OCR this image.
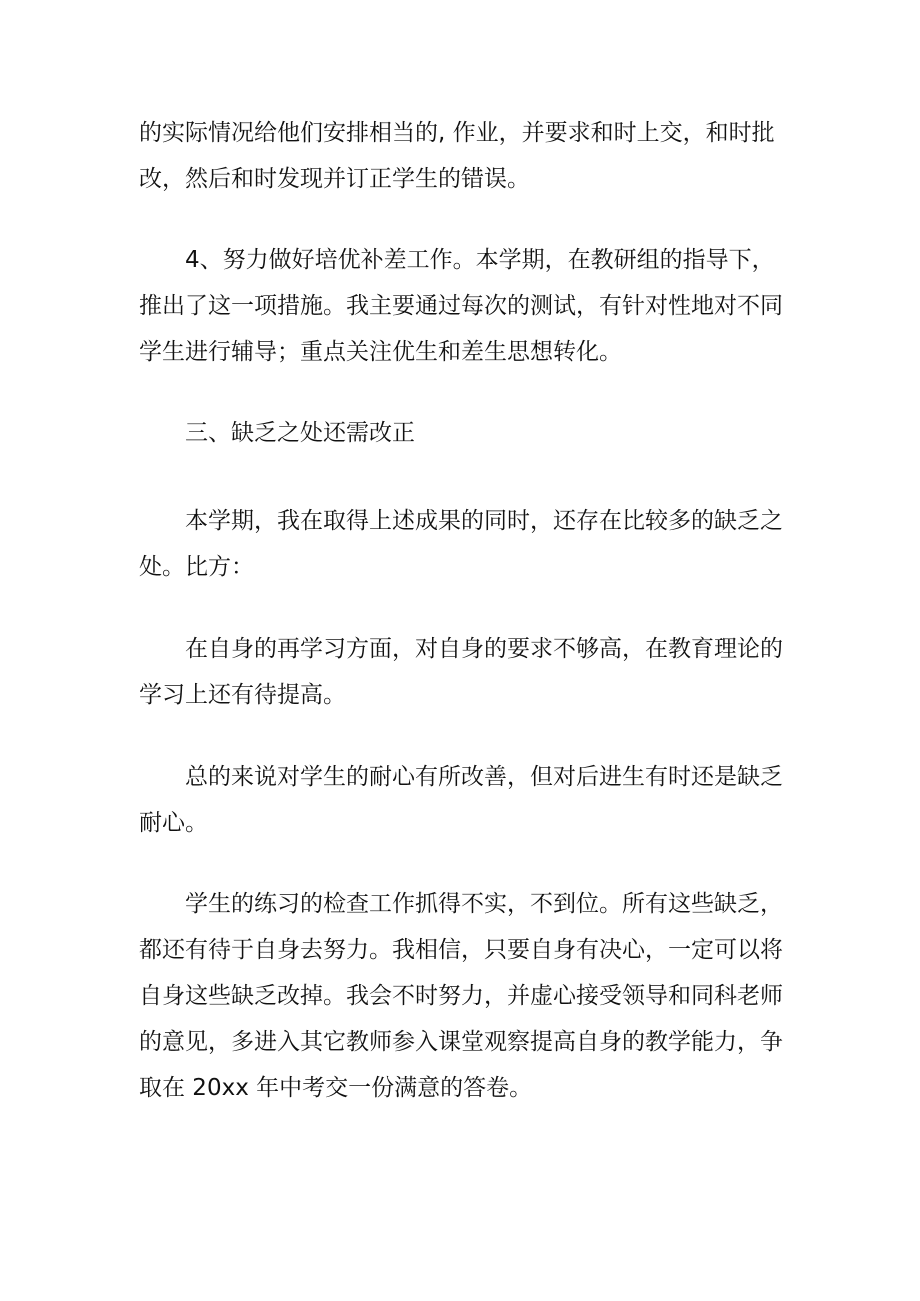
的实际情况给他们安排相当的, 作业，并要求和时上交，和时批
改，然后和时发现并订正学生的错误。
4、努力做好培优补差工作。本学期，在教研组的指导下，
推出了这一项措施。我主要通过每次的测试，有针对性地对不同
学生进行辅导；重点关注优生和差生思想转化。
三、缺乏之处还需改正
本学期，我在取得上述成果的同时，还存在比较多的缺乏之
处。比方：
在自身的再学习方面，对自身的要求不够高，在教育理论的
学习上还有待提高。
总的来说对学生的耐心有所改善，但对后进生有时还是缺乏
耐心。
学生的练习的检查工作抓得不实，不到位。所有这些缺乏，
都还有待于自身去努力。我相信，只要自身有决心，一定可以将
自身这些缺乏改掉。我会不时努力，并虚心接受领导和同科老师
的意见，多进入其它教师参入课堂观察提高自身的教学能力，争
取在 20xx 年中考交一份满意的答卷。
